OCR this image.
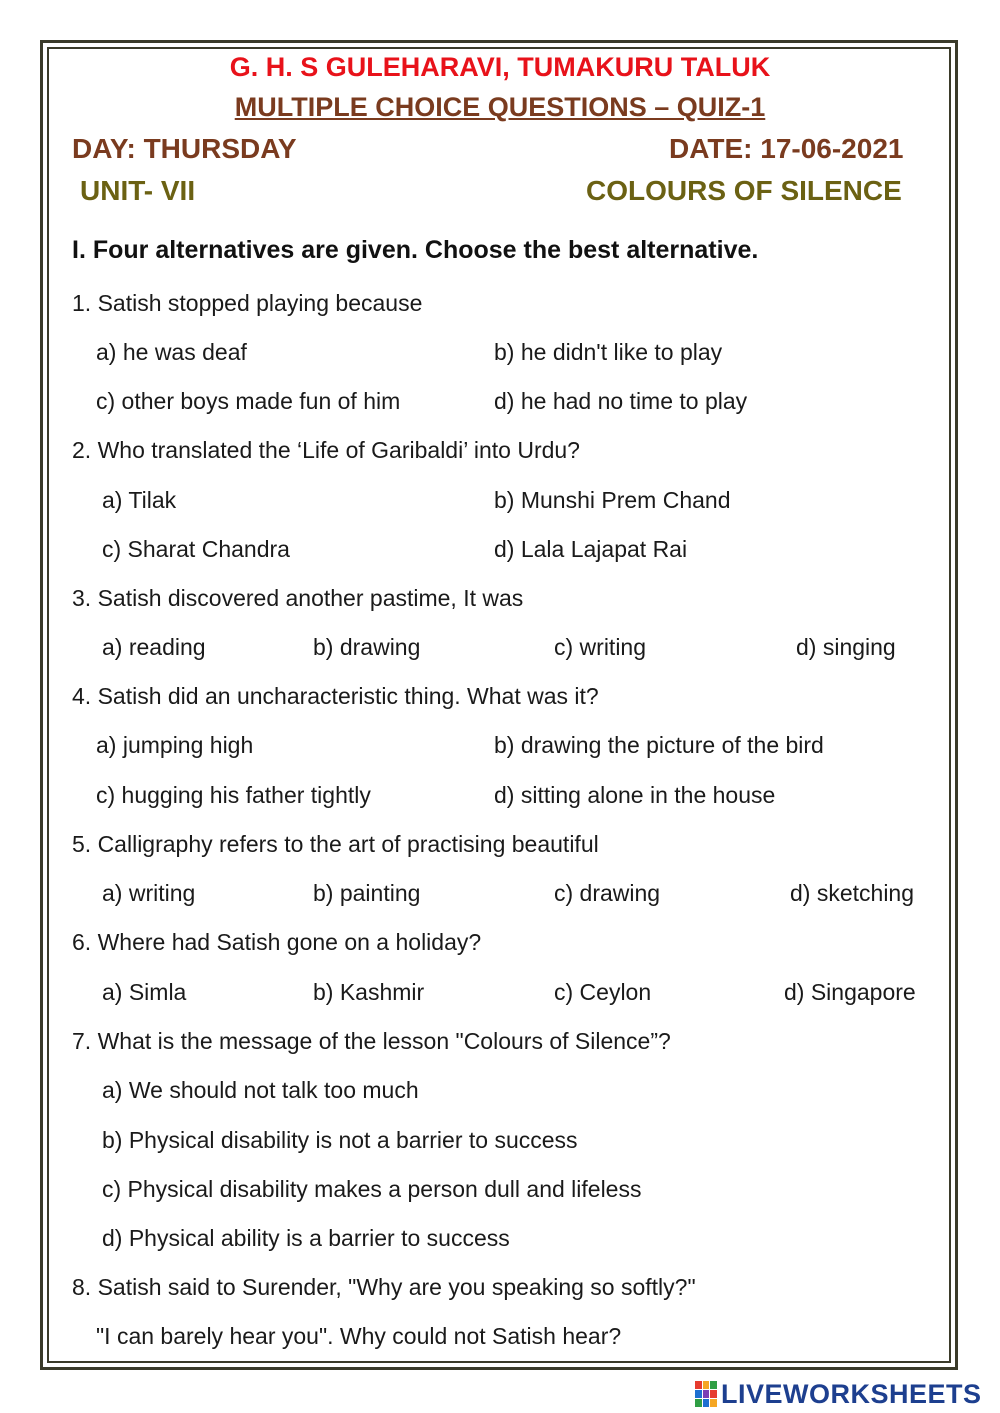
G. H. S GULEHARAVI, TUMAKURU TALUK
MULTIPLE CHOICE QUESTIONS – QUIZ-1
DAY: THURSDAY	DATE: 17-06-2021
UNIT- VII	COLOURS OF SILENCE
I. Four alternatives are given. Choose the best alternative.
1. Satish stopped playing because
a) he was deaf	b) he didn't like to play
c) other boys made fun of him	d) he had no time to play
2. Who translated the ‘Life of Garibaldi’ into Urdu?
a) Tilak	b) Munshi Prem Chand
c) Sharat Chandra	d) Lala Lajapat Rai
3. Satish discovered another pastime, It was
a) reading	b) drawing	c) writing	d) singing
4. Satish did an uncharacteristic thing. What was it?
a) jumping high	b) drawing the picture of the bird
c) hugging his father tightly	d) sitting alone in the house
5. Calligraphy refers to the art of practising beautiful
a) writing	b) painting	c) drawing	d) sketching
6. Where had Satish gone on a holiday?
a) Simla	b) Kashmir	c) Ceylon	d) Singapore
7. What is the message of the lesson "Colours of Silence”?
a) We should not talk too much
b) Physical disability is not a barrier to success
c) Physical disability makes a person dull and lifeless
d) Physical ability is a barrier to success
8. Satish said to Surender, "Why are you speaking so softly?"
"I can barely hear you". Why could not Satish hear?
LIVEWORKSHEETS
